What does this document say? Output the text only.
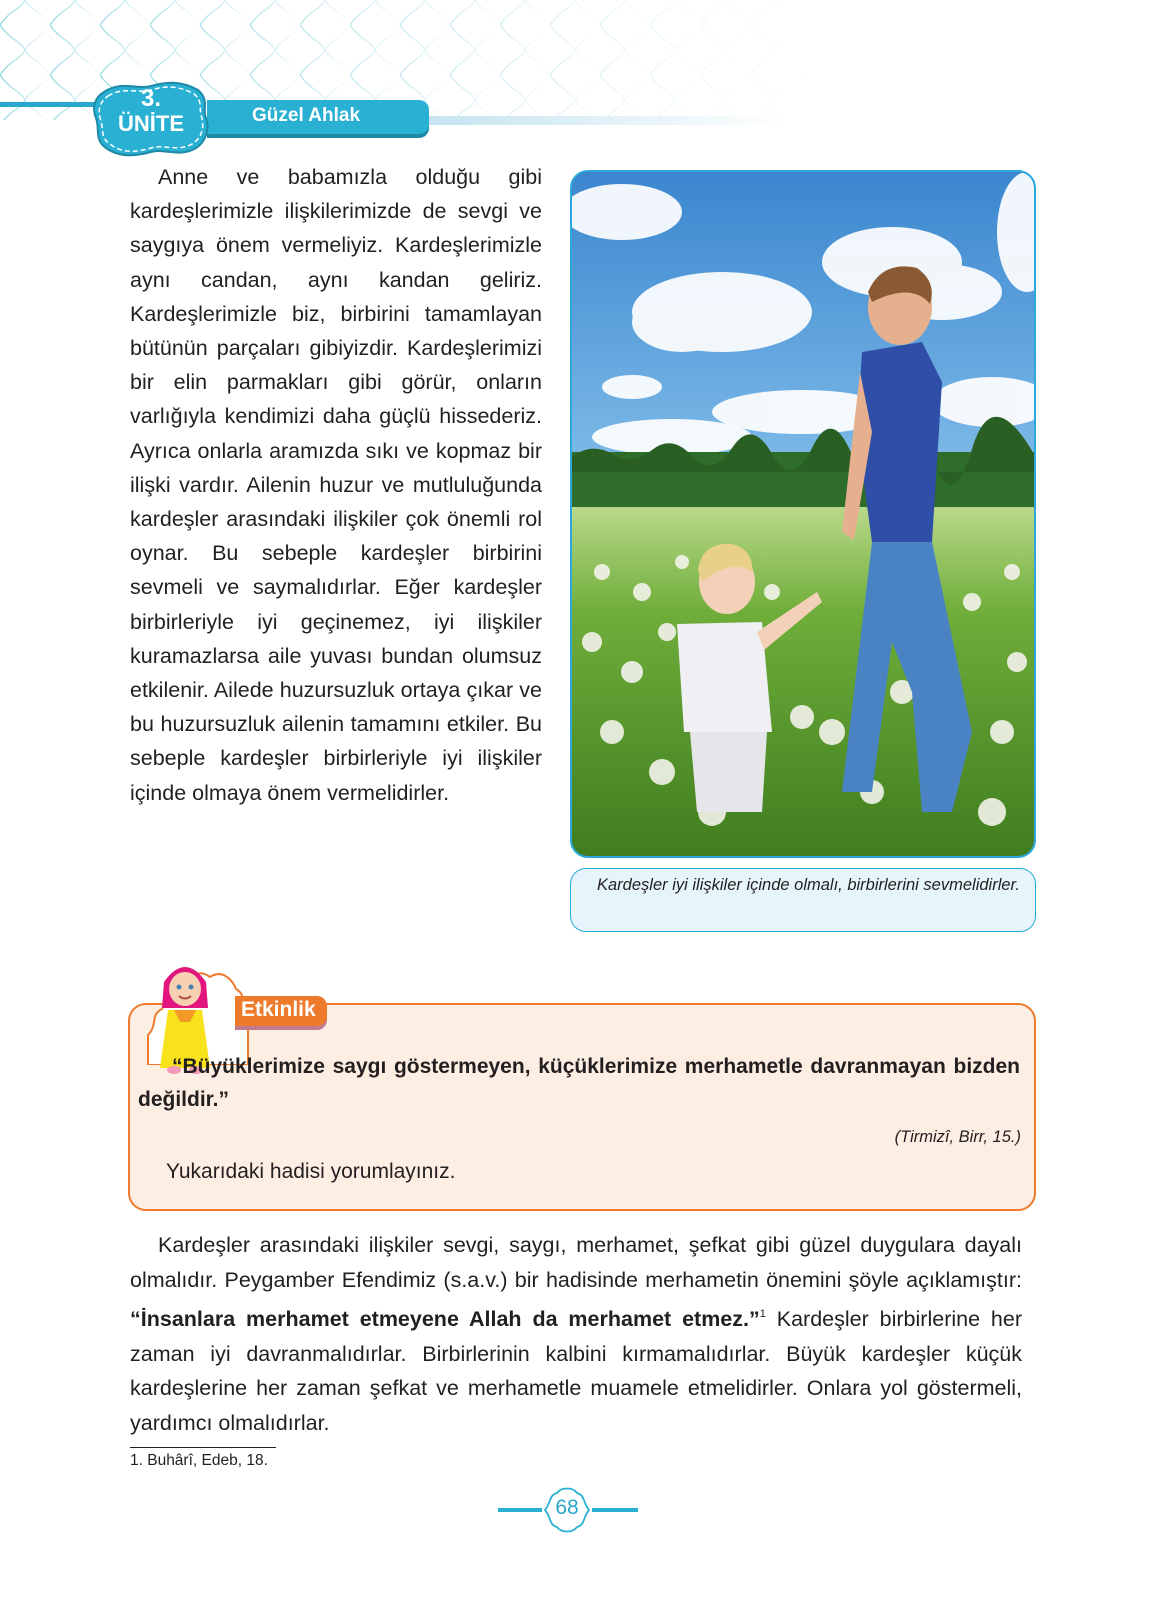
Güzel Ahlak
3.
ÜNİTE

Anne ve babamızla olduğu gibi kardeşlerimizle ilişkilerimizde de sevgi ve saygıya önem vermeliyiz. Kardeşlerimizle aynı candan, aynı kandan geliriz. Kardeşlerimizle biz, birbirini tamamlayan bütünün parçaları gibiyizdir. Kardeşlerimizi bir elin parmakları gibi görür, onların varlığıyla kendimizi daha güçlü hissederiz. Ayrıca onlarla aramızda sıkı ve kopmaz bir ilişki vardır. Ailenin huzur ve mutluluğunda kardeşler arasındaki ilişkiler çok önemli rol oynar. Bu sebeple kardeşler birbirini sevmeli ve saymalıdırlar. Eğer kardeşler birbirleriyle iyi geçinemez, iyi ilişkiler kuramazlarsa aile yuvası bundan olumsuz etkilenir. Ailede huzursuzluk ortaya çıkar ve bu huzursuzluk ailenin tamamını etkiler. Bu sebeple kardeşler birbirleriyle iyi ilişkiler içinde olmaya önem vermelidirler.

Kardeşler iyi ilişkiler içinde olmalı, birbirlerini sevmelidirler.

Etkinlik

“Büyüklerimize saygı göstermeyen, küçüklerimize merhametle davranmayan bizden değildir.”

(Tirmizî, Birr, 15.)
Yukarıdaki hadisi yorumlayınız.

Kardeşler arasındaki ilişkiler sevgi, saygı, merhamet, şefkat gibi güzel duygulara dayalı olmalıdır. Peygamber Efendimiz (s.a.v.) bir hadisinde merhametin önemini şöyle açıklamıştır: “İnsanlara merhamet etmeyene Allah da merhamet etmez.”$^1$ Kardeşler birbirlerine her zaman iyi davranmalıdırlar. Birbirlerinin kalbini kırmamalıdırlar. Büyük kardeşler küçük kardeşlerine her zaman şefkat ve merhametle muamele etmelidirler. Onlara yol göstermeli, yardımcı olmalıdırlar.

1. Buhârî, Edeb, 18.
68
